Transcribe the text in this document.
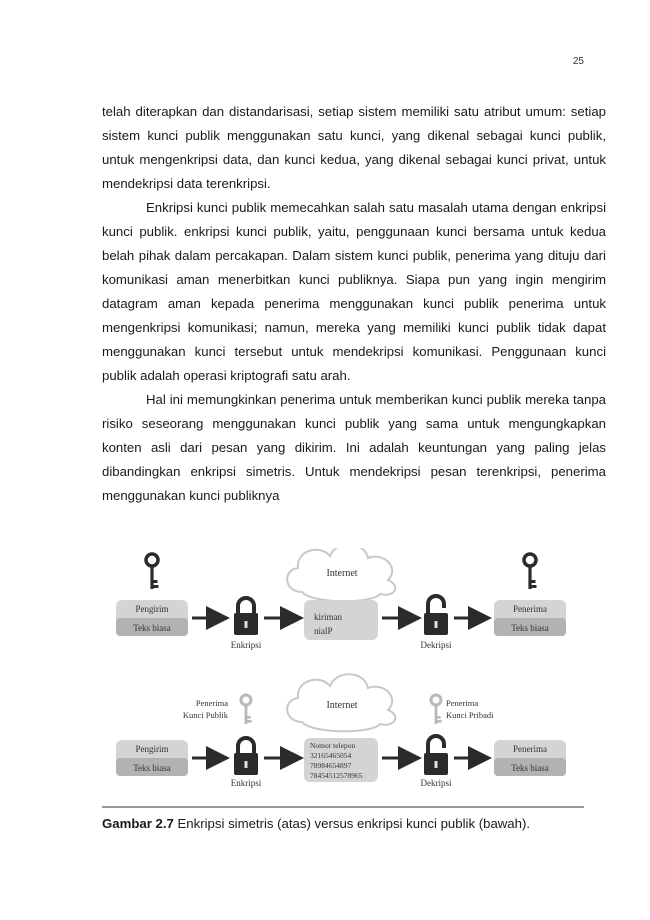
25

telah diterapkan dan distandarisasi, setiap sistem memiliki satu atribut umum: setiap sistem kunci publik menggunakan satu kunci, yang dikenal sebagai kunci publik, untuk mengenkripsi data, dan kunci kedua, yang dikenal sebagai kunci privat, untuk mendekripsi data terenkripsi.

Enkripsi kunci publik memecahkan salah satu masalah utama dengan enkripsi kunci publik. enkripsi kunci publik, yaitu, penggunaan kunci bersama untuk kedua belah pihak dalam percakapan. Dalam sistem kunci publik, penerima yang dituju dari komunikasi aman menerbitkan kunci publiknya. Siapa pun yang ingin mengirim datagram aman kepada penerima menggunakan kunci publik penerima untuk mengenkripsi komunikasi; namun, mereka yang memiliki kunci publik tidak dapat menggunakan kunci tersebut untuk mendekripsi komunikasi. Penggunaan kunci publik adalah operasi kriptografi satu arah.

Hal ini memungkinkan penerima untuk memberikan kunci publik mereka tanpa risiko seseorang menggunakan kunci publik yang sama untuk mengungkapkan konten asli dari pesan yang dikirim. Ini adalah keuntungan yang paling jelas dibandingkan enkripsi simetris. Untuk mendekripsi pesan terenkripsi, penerima menggunakan kunci publiknya

Internet
Pengirim
Teks biasa
Enkripsi
kiriman
nialP
Dekripsi
Penerima
Teks biasa
Internet
Penerima
Kunci Publik
Penerima
Kunci Pribadi
Pengirim
Teks biasa
Enkripsi
Nomor telepon
32165465054
78984654897
78454512578965
Dekripsi
Penerima
Teks biasa
Gambar 2.7 Enkripsi simetris (atas) versus enkripsi kunci publik (bawah).
